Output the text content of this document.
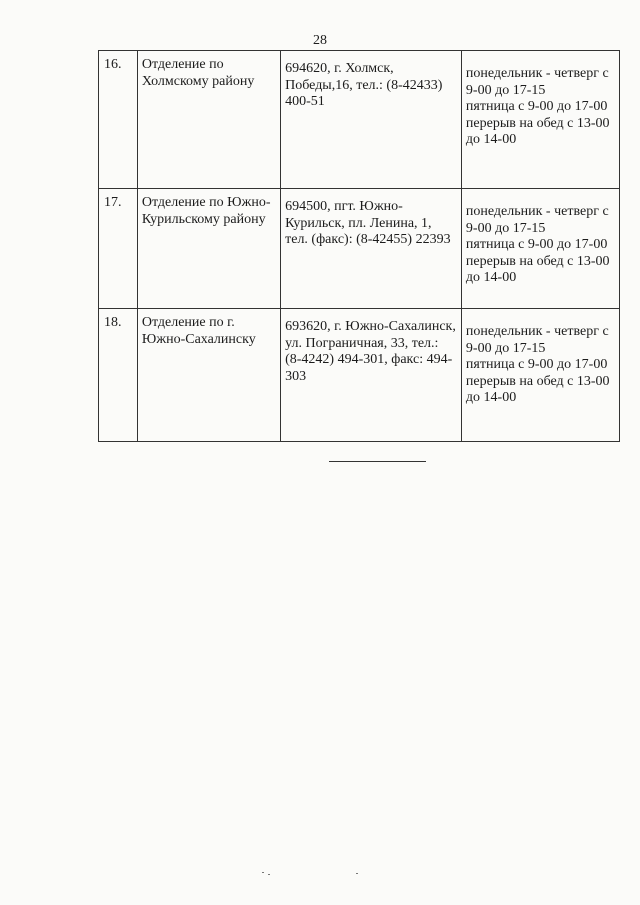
28
16.	Отделение по Холмскому району	694620, г. Холмск, Победы,16, тел.: (8-42433) 400-51	понедельник - четверг с 9-00 до 17-15
пятница с 9-00 до 17-00
перерыв на обед с 13-00 до 14-00

17.	Отделение по Южно-Курильскому району	694500, пгт. Южно-Курильск, пл. Ленина, 1, тел. (факс): (8-42455) 22393	понедельник - четверг с 9-00 до 17-15
пятница с 9-00 до 17-00
перерыв на обед с 13-00 до 14-00

18.	Отделение по г. Южно-Сахалинску	693620, г. Южно-Сахалинск, ул. Пограничная, 33, тел.: (8-4242) 494-301, факс: 494-303	понедельник - четверг с 9-00 до 17-15
пятница с 9-00 до 17-00
перерыв на обед с 13-00 до 14-00
